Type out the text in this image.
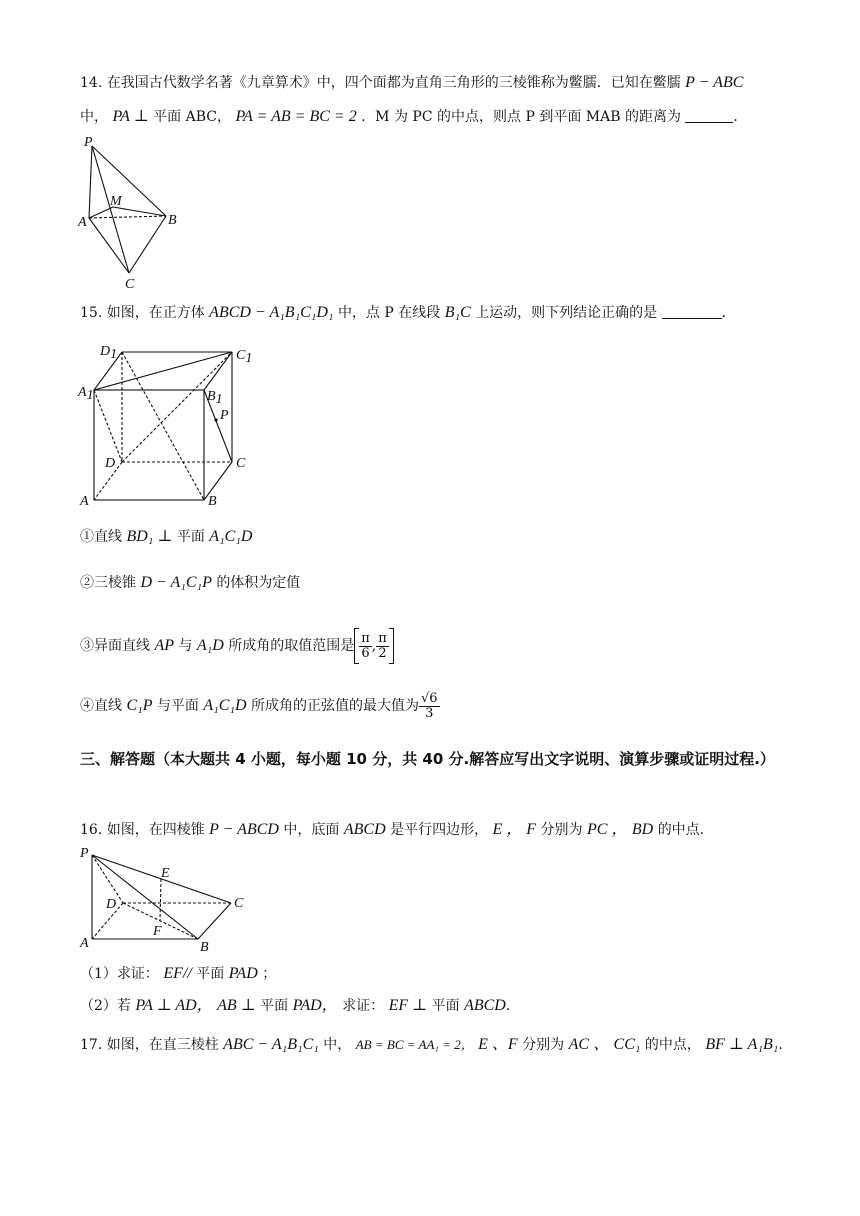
14. 在我国古代数学名著《九章算术》中，四个面都为直角三角形的三棱锥称为鳖臑．已知在鳖臑 P − ABC
中， PA ⊥ 平面 ABC， PA = AB = BC = 2 ．M 为 PC 的中点，则点 P 到平面 MAB 的距离为	．
P
M
A	B
C
15. 如图，在正方体 ABCD − A₁B₁C₁D₁ 中，点 P 在线段 B₁C 上运动，则下列结论正确的是	．
D1	C1
A1	B1
P
D	C
A	B
①直线 BD₁ ⊥ 平面 A₁C₁D
②三棱锥 D − A₁C₁P 的体积为定值
③异面直线 AP 与 A₁D 所成角的取值范围是 $\frac{\pi}{6}$ , $\frac{\pi}{2}$
④直线 C₁P 与平面 A₁C₁D 所成角的正弦值的最大值为 $\frac{√6}{3}$
三、解答题（本大题共 4 小题，每小题 10 分，共 40 分.解答应写出文字说明、演算步骤或证明过程.）
16. 如图，在四棱锥 P − ABCD 中，底面 ABCD 是平行四边形， E ， F 分别为 PC ， BD 的中点.
P
E
D	C
F
A	B
（1）求证： EF// 平面 PAD ；
（2）若 PA ⊥ AD， AB ⊥ 平面 PAD， 求证： EF ⊥ 平面 ABCD.
17. 如图，在直三棱柱 ABC − A₁B₁C₁ 中， AB = BC = AA₁ = 2， E 、F 分别为 AC 、 CC₁ 的中点， BF ⊥ A₁B₁.
